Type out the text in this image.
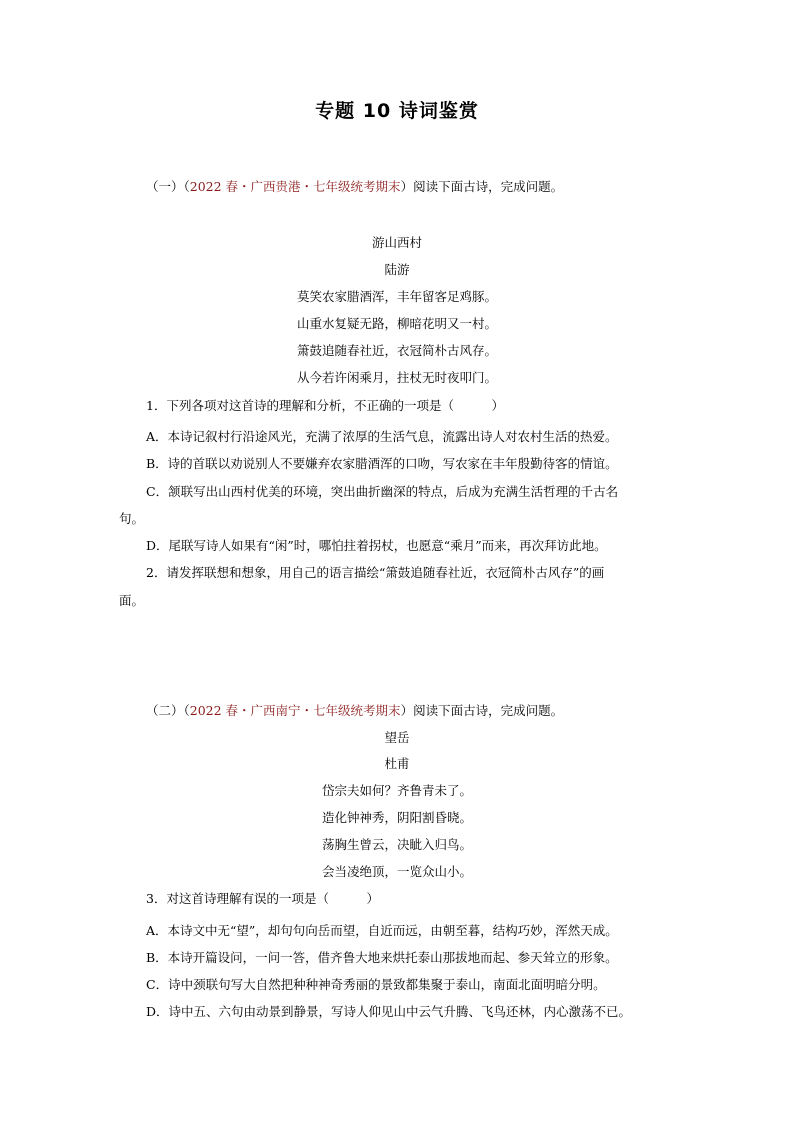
专题 10 诗词鉴赏
（一）（2022 春・广西贵港・七年级统考期末）阅读下面古诗，完成问题。
游山西村
陆游
莫笑农家腊酒浑，丰年留客足鸡豚。
山重水复疑无路，柳暗花明又一村。
箫鼓追随春社近，衣冠简朴古风存。
从今若许闲乘月，拄杖无时夜叩门。
1．下列各项对这首诗的理解和分析，不正确的一项是（　　　）
A．本诗记叙村行沿途风光，充满了浓厚的生活气息，流露出诗人对农村生活的热爱。
B．诗的首联以劝说别人不要嫌弃农家腊酒浑的口吻，写农家在丰年殷勤待客的情谊。
C．颔联写出山西村优美的环境，突出曲折幽深的特点，后成为充满生活哲理的千古名
句。
D．尾联写诗人如果有“闲”时，哪怕拄着拐杖，也愿意“乘月”而来，再次拜访此地。
2．请发挥联想和想象，用自己的语言描绘“箫鼓追随春社近，衣冠简朴古风存”的画
面。
（二）（2022 春・广西南宁・七年级统考期末）阅读下面古诗，完成问题。
望岳
杜甫
岱宗夫如何？齐鲁青未了。
造化钟神秀，阴阳割昏晓。
荡胸生曾云，决眦入归鸟。
会当凌绝顶，一览众山小。
3．对这首诗理解有误的一项是（　　　）
A．本诗文中无“望”，却句句向岳而望，自近而远，由朝至暮，结构巧妙，浑然天成。
B．本诗开篇设问，一问一答，借齐鲁大地来烘托泰山那拔地而起、参天耸立的形象。
C．诗中颈联句写大自然把种种神奇秀丽的景致都集聚于泰山，南面北面明暗分明。
D．诗中五、六句由动景到静景，写诗人仰见山中云气升腾、飞鸟还林，内心激荡不已。
